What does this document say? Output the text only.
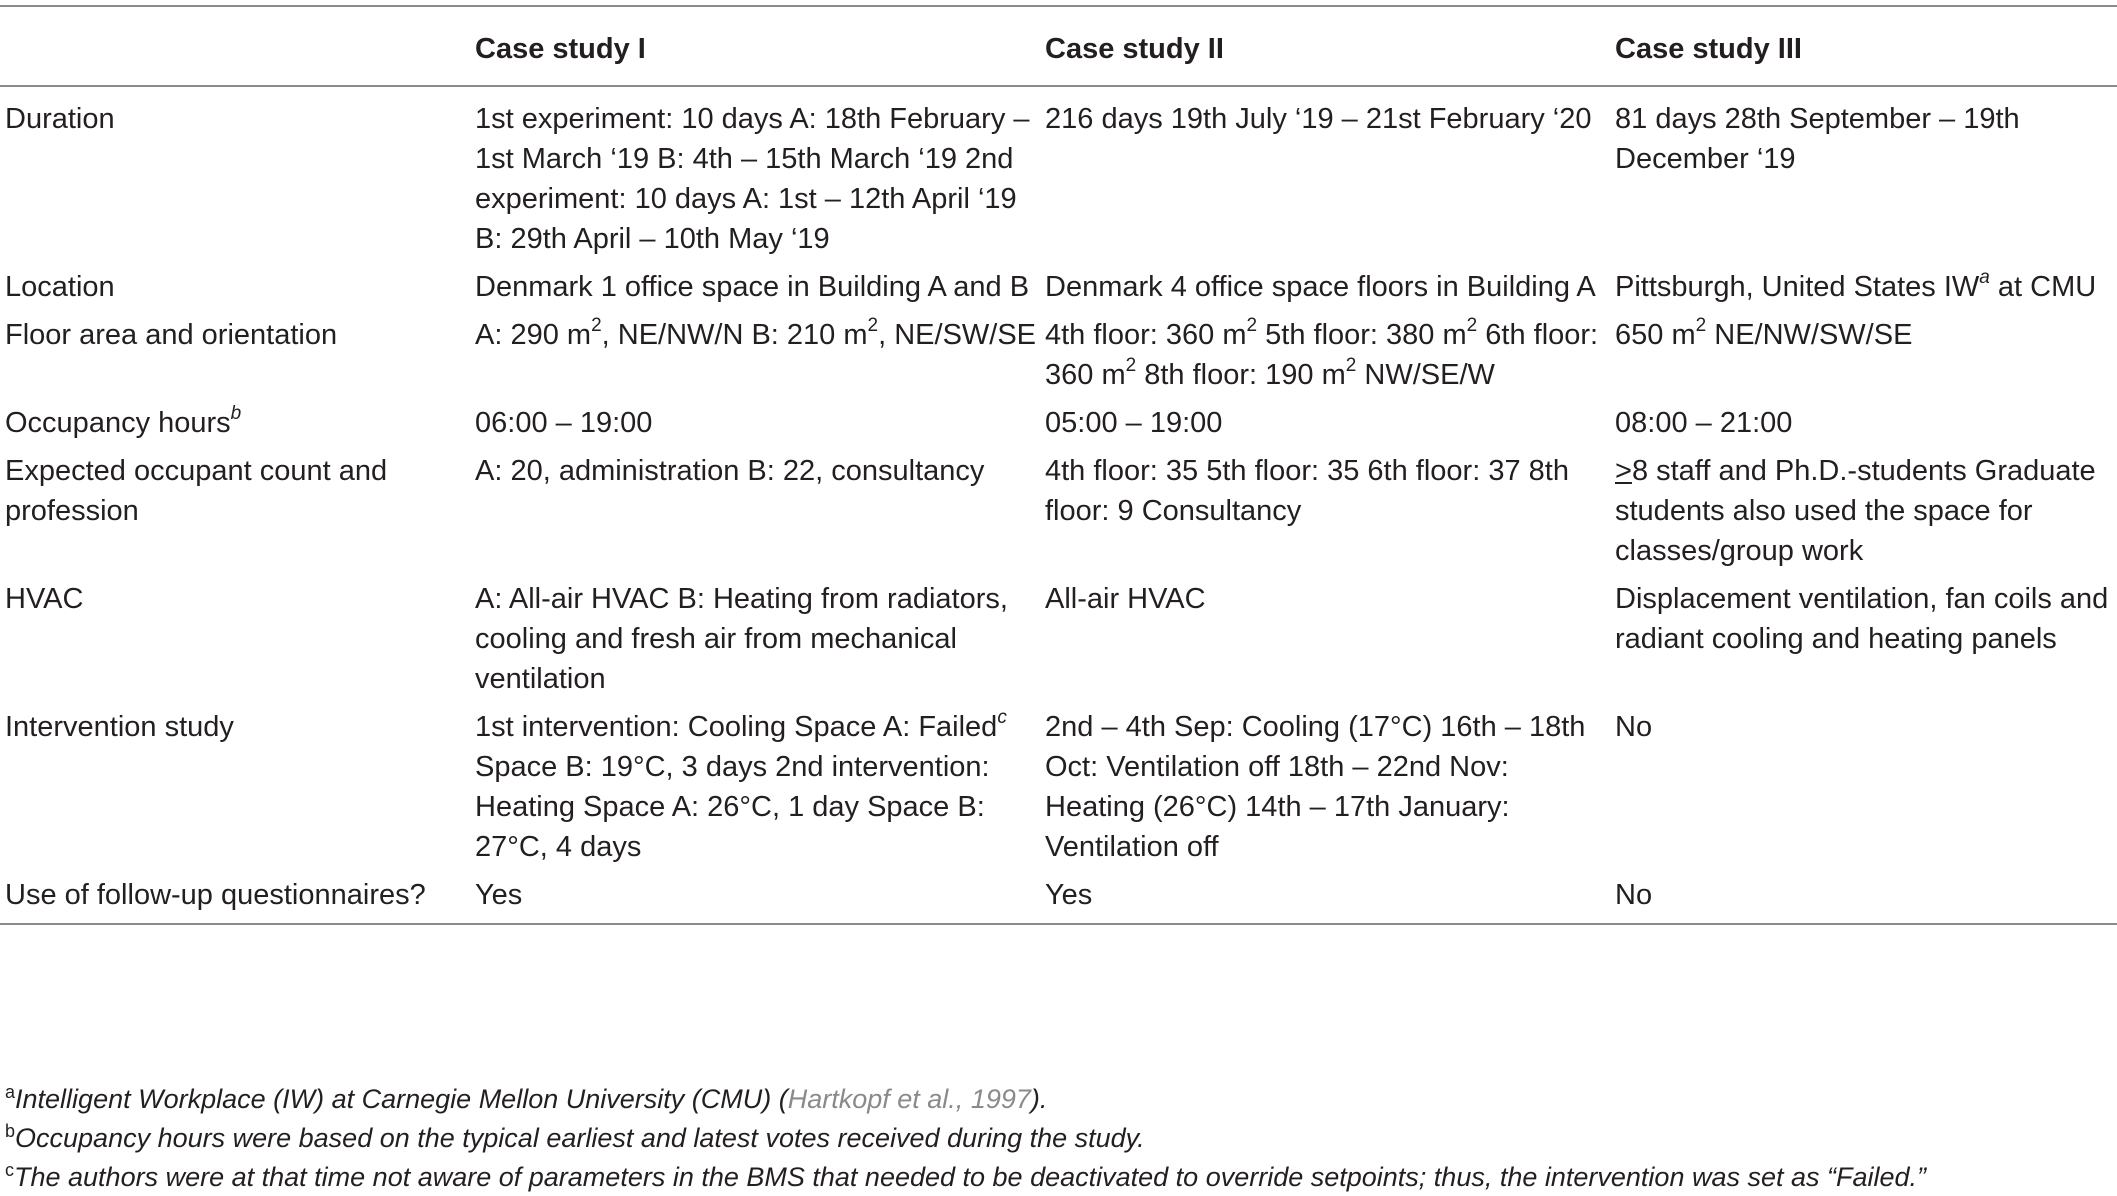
	Case study I	Case study II	Case study III
Duration	1st experiment: 10 days A: 18th February – 1st March ‘19 B: 4th – 15th March ‘19 2nd experiment: 10 days A: 1st – 12th April ‘19 B: 29th April – 10th May ‘19	216 days 19th July ‘19 – 21st February ‘20	81 days 28th September – 19th December ‘19
Location	Denmark 1 office space in Building A and B	Denmark 4 office space floors in Building A	Pittsburgh, United States $IW^a$ at CMU
Floor area and orientation	A: 290 $m^2$, NE/NW/N B: 210 $m^2$, NE/SW/SE	4th floor: 360 $m^2$ 5th floor: 380 $m^2$ 6th floor: 360 $m^2$ 8th floor: 190 $m^2$ NW/SE/W	650 $m^2$ NE/NW/SW/SE
Occupancy hours$^b$	06:00 – 19:00	05:00 – 19:00	08:00 – 21:00
Expected occupant count and profession	A: 20, administration B: 22, consultancy	4th floor: 35 5th floor: 35 6th floor: 37 8th floor: 9 Consultancy	≥8 staff and Ph.D.-students Graduate students also used the space for classes/group work
HVAC	A: All-air HVAC B: Heating from radiators, cooling and fresh air from mechanical ventilation	All-air HVAC	Displacement ventilation, fan coils and radiant cooling and heating panels
Intervention study	1st intervention: Cooling Space A: Failed$^c$ Space B: 19°C, 3 days 2nd intervention: Heating Space A: 26°C, 1 day Space B: 27°C, 4 days	2nd – 4th Sep: Cooling (17°C) 16th – 18th Oct: Ventilation off 18th – 22nd Nov: Heating (26°C) 14th – 17th January: Ventilation off	No
Use of follow-up questionnaires?	Yes	Yes	No
$^a$Intelligent Workplace (IW) at Carnegie Mellon University (CMU) (Hartkopf et al., 1997).
$^b$Occupancy hours were based on the typical earliest and latest votes received during the study.
$^c$The authors were at that time not aware of parameters in the BMS that needed to be deactivated to override setpoints; thus, the intervention was set as “Failed.”
